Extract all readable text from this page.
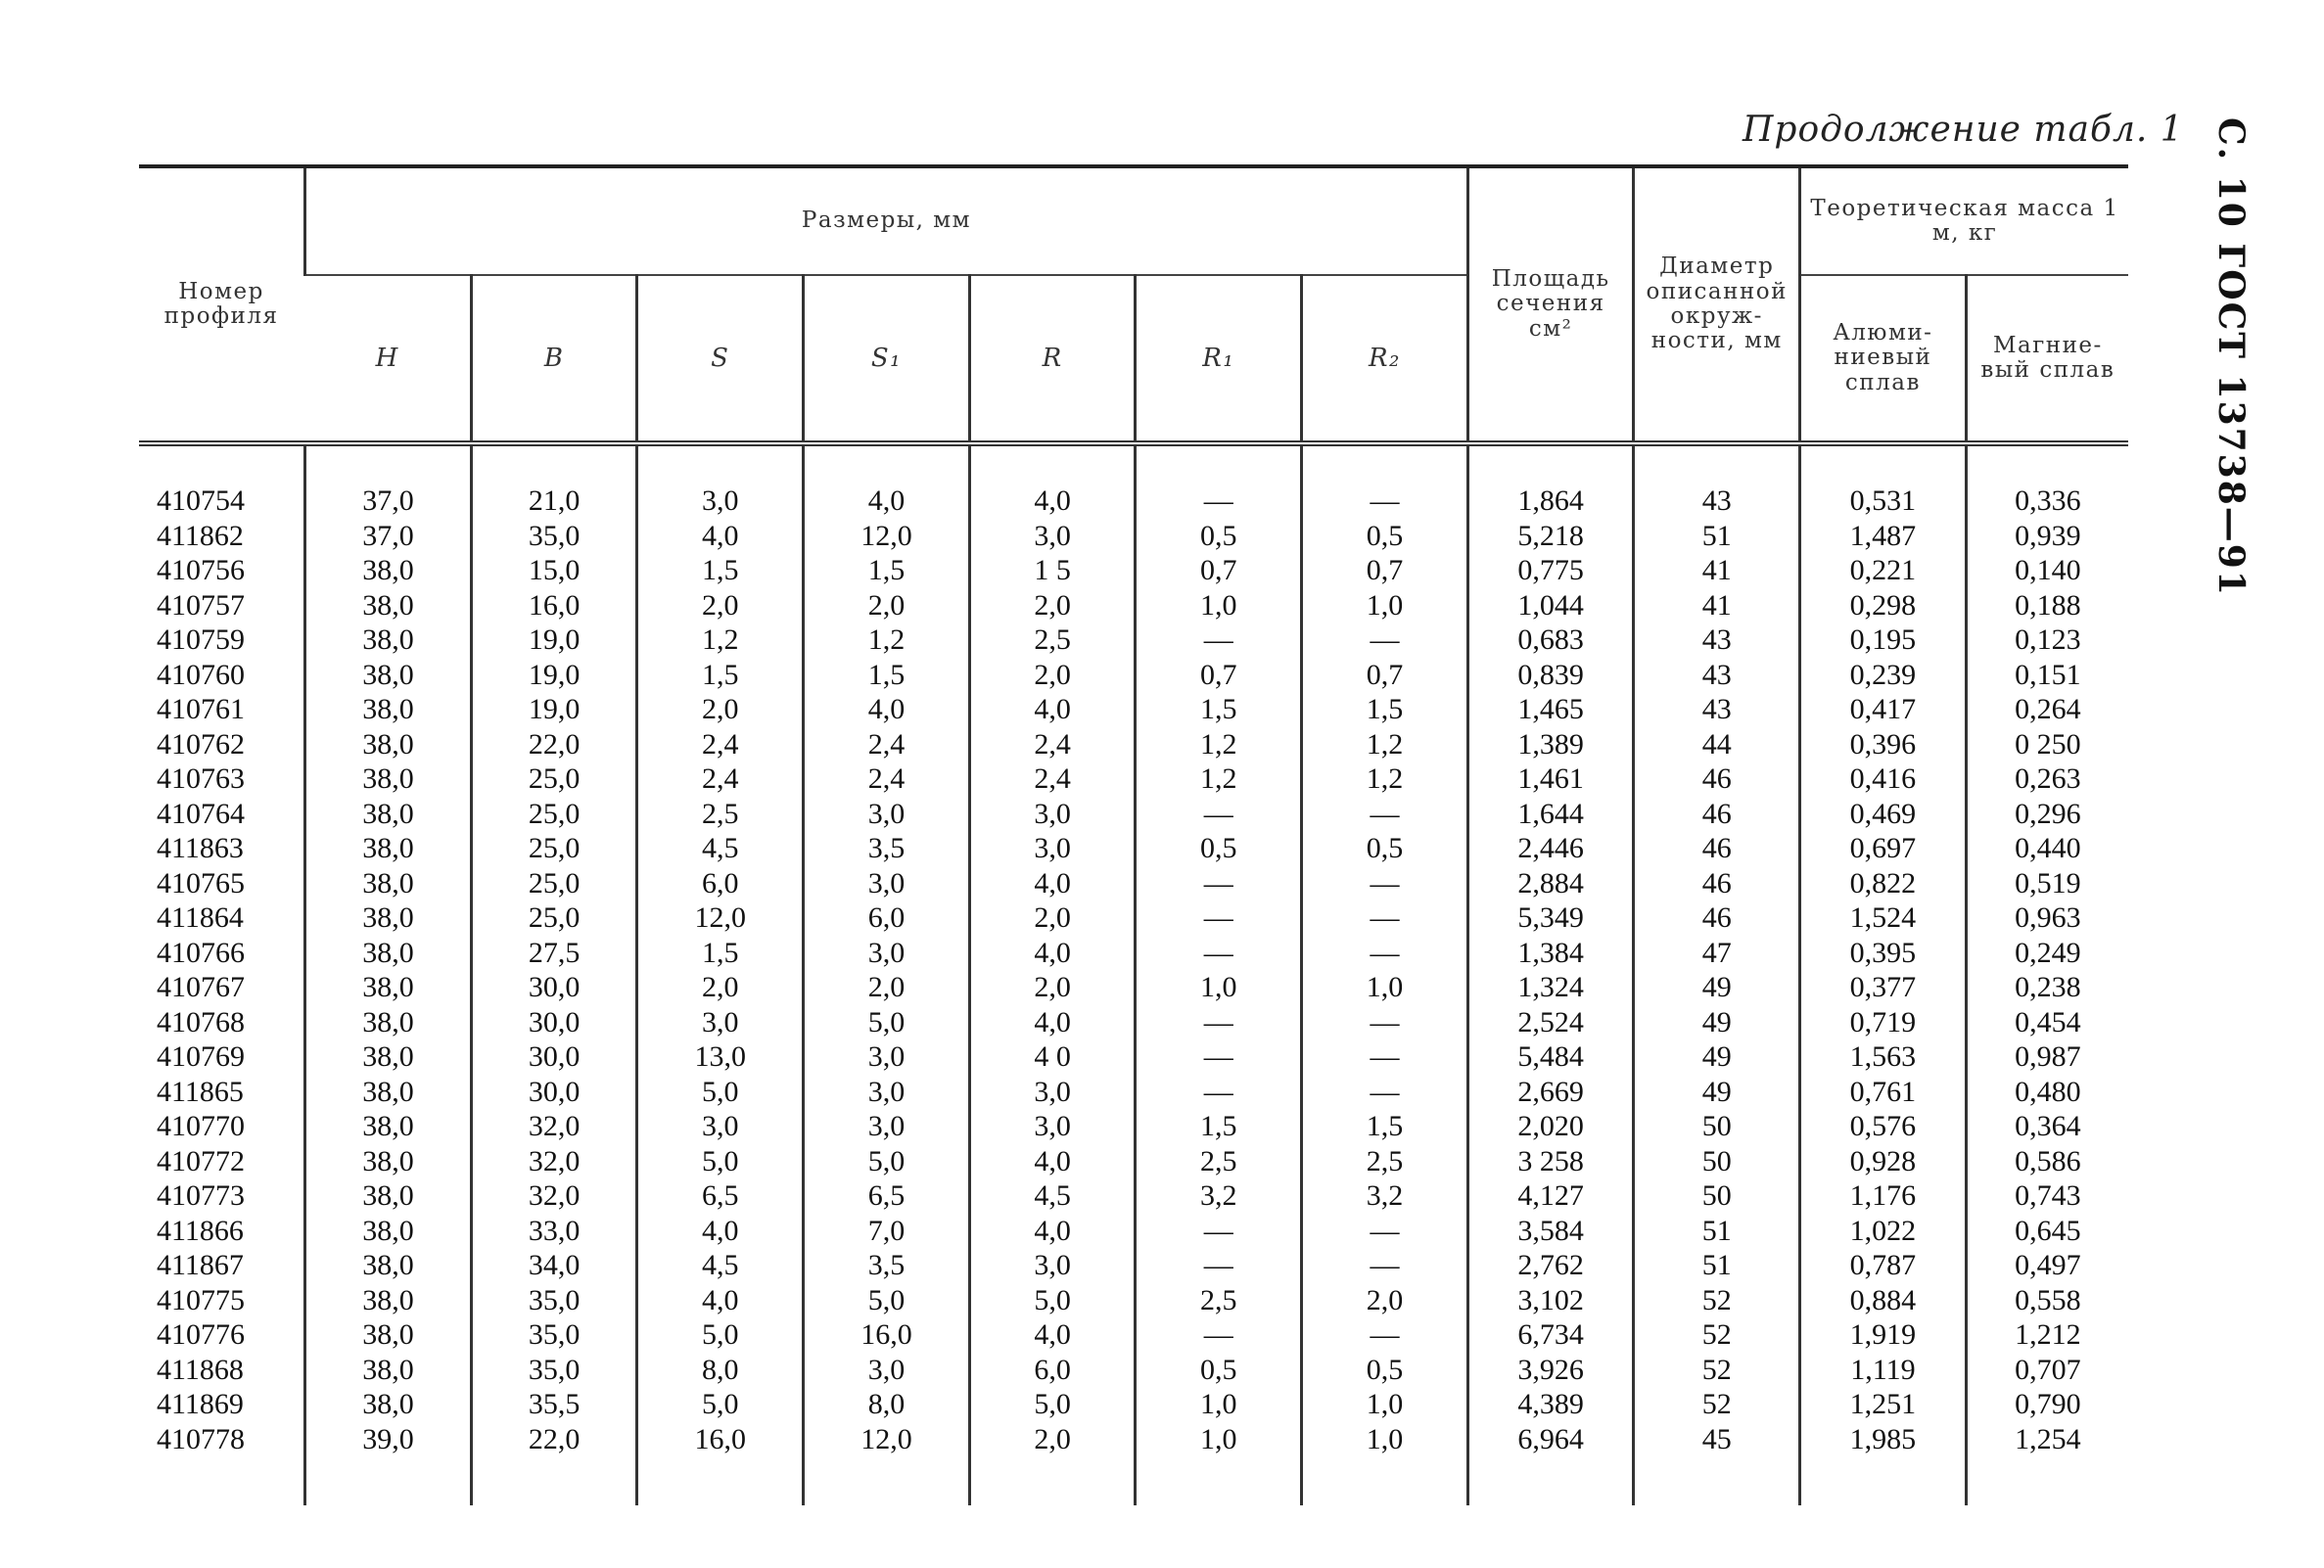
Продолжение табл. 1 С. 10 ГОСТ 13738—91
Номер профиля	Размеры, мм							Площадь сечения см²	Диаметр описанной окруж-ности, мм	Теоретическая масса 1 м, кг	
	H	B	S	S₁	R	R₁	R₂			Алюми-ниевый сплав	Магние-вый сплав

410754	37,0	21,0	3,0	4,0	4,0	—	—	1,864	43	0,531	0,336
411862	37,0	35,0	4,0	12,0	3,0	0,5	0,5	5,218	51	1,487	0,939
410756	38,0	15,0	1,5	1,5	1 5	0,7	0,7	0,775	41	0,221	0,140
410757	38,0	16,0	2,0	2,0	2,0	1,0	1,0	1,044	41	0,298	0,188
410759	38,0	19,0	1,2	1,2	2,5	—	—	0,683	43	0,195	0,123
410760	38,0	19,0	1,5	1,5	2,0	0,7	0,7	0,839	43	0,239	0,151
410761	38,0	19,0	2,0	4,0	4,0	1,5	1,5	1,465	43	0,417	0,264
410762	38,0	22,0	2,4	2,4	2,4	1,2	1,2	1,389	44	0,396	0 250
410763	38,0	25,0	2,4	2,4	2,4	1,2	1,2	1,461	46	0,416	0,263
410764	38,0	25,0	2,5	3,0	3,0	—	—	1,644	46	0,469	0,296
411863	38,0	25,0	4,5	3,5	3,0	0,5	0,5	2,446	46	0,697	0,440
410765	38,0	25,0	6,0	3,0	4,0	—	—	2,884	46	0,822	0,519
411864	38,0	25,0	12,0	6,0	2,0	—	—	5,349	46	1,524	0,963
410766	38,0	27,5	1,5	3,0	4,0	—	—	1,384	47	0,395	0,249
410767	38,0	30,0	2,0	2,0	2,0	1,0	1,0	1,324	49	0,377	0,238
410768	38,0	30,0	3,0	5,0	4,0	—	—	2,524	49	0,719	0,454
410769	38,0	30,0	13,0	3,0	4 0	—	—	5,484	49	1,563	0,987
411865	38,0	30,0	5,0	3,0	3,0	—	—	2,669	49	0,761	0,480
410770	38,0	32,0	3,0	3,0	3,0	1,5	1,5	2,020	50	0,576	0,364
410772	38,0	32,0	5,0	5,0	4,0	2,5	2,5	3 258	50	0,928	0,586
410773	38,0	32,0	6,5	6,5	4,5	3,2	3,2	4,127	50	1,176	0,743
411866	38,0	33,0	4,0	7,0	4,0	—	—	3,584	51	1,022	0,645
411867	38,0	34,0	4,5	3,5	3,0	—	—	2,762	51	0,787	0,497
410775	38,0	35,0	4,0	5,0	5,0	2,5	2,0	3,102	52	0,884	0,558
410776	38,0	35,0	5,0	16,0	4,0	—	—	6,734	52	1,919	1,212
411868	38,0	35,0	8,0	3,0	6,0	0,5	0,5	3,926	52	1,119	0,707
411869	38,0	35,5	5,0	8,0	5,0	1,0	1,0	4,389	52	1,251	0,790
410778	39,0	22,0	16,0	12,0	2,0	1,0	1,0	6,964	45	1,985	1,254
